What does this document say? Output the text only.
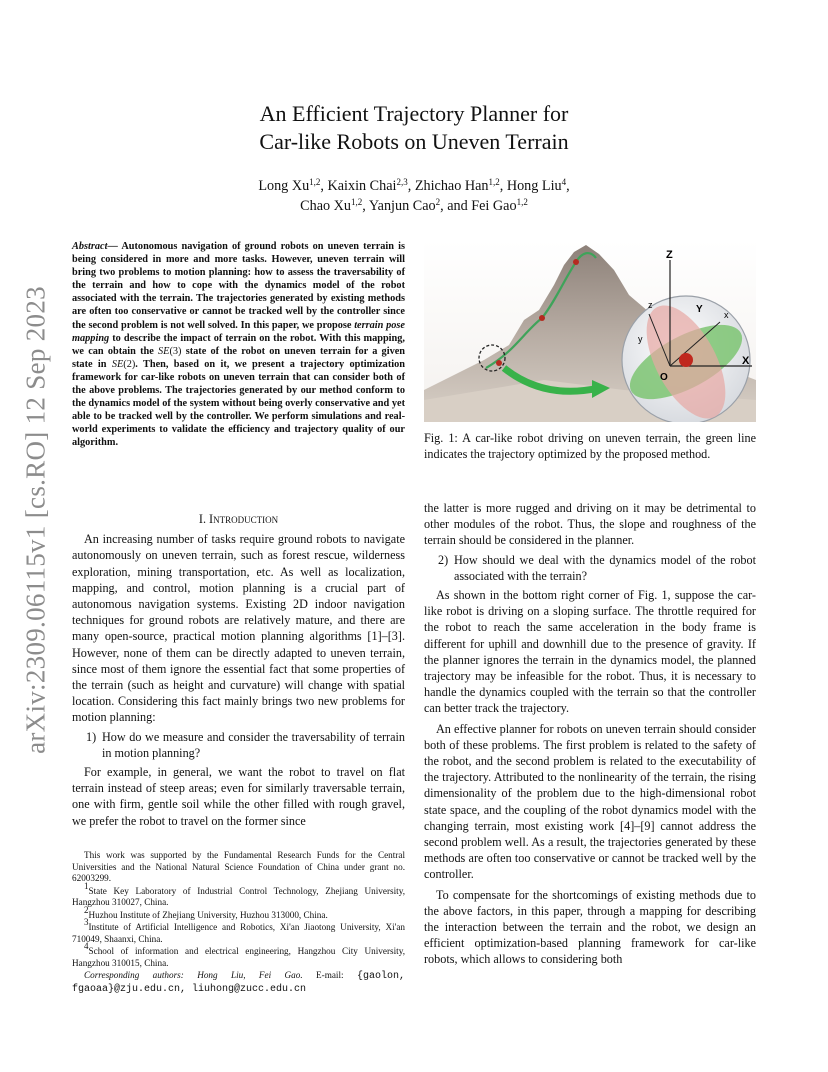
arXiv:2309.06115v1 [cs.RO] 12 Sep 2023
An Efficient Trajectory Planner for
Car-like Robots on Uneven Terrain
Long Xu$^{1,2}$, Kaixin Chai$^{2,3}$, Zhichao Han$^{1,2}$, Hong Liu$^4$,
Chao Xu$^{1,2}$, Yanjun Cao$^2$, and Fei Gao$^{1,2}$
Abstract— Autonomous navigation of ground robots on uneven terrain is being considered in more and more tasks. However, uneven terrain will bring two problems to motion planning: how to assess the traversability of the terrain and how to cope with the dynamics model of the robot associated with the terrain. The trajectories generated by existing methods are often too conservative or cannot be tracked well by the controller since the second problem is not well solved. In this paper, we propose terrain pose mapping to describe the impact of terrain on the robot. With this mapping, we can obtain the SE(3) state of the robot on uneven terrain for a given state in SE(2). Then, based on it, we present a trajectory optimization framework for car-like robots on uneven terrain that can consider both of the above problems. The trajectories generated by our method conform to the dynamics model of the system without being overly conservative and yet able to be tracked well by the controller. We perform simulations and real-world experiments to validate the efficiency and trajectory quality of our algorithm.
I. Introduction

An increasing number of tasks require ground robots to navigate autonomously on uneven terrain, such as forest rescue, wilderness exploration, mining transportation, etc. As well as localization, mapping, and control, motion planning is a crucial part of autonomous navigation systems. Existing 2D indoor navigation techniques for ground robots are relatively mature, and there are many open-source, practical motion planning algorithms [1]–[3]. However, none of them can be directly adapted to uneven terrain, since most of them ignore the essential fact that some properties of the terrain (such as height and curvature) will change with spatial location. Considering this fact mainly brings two new problems for motion planning:

1) How do we measure and consider the traversability of terrain in motion planning?

For example, in general, we want the robot to travel on flat terrain instead of steep areas; even for similarly traversable terrain, one with firm, gentle soil while the other filled with rough gravel, we prefer the robot to travel on the former since

This work was supported by the Fundamental Research Funds for the Central Universities and the National Natural Science Foundation of China under grant no. 62003299.

$^1$State Key Laboratory of Industrial Control Technology, Zhejiang University, Hangzhou 310027, China.

$^2$Huzhou Institute of Zhejiang University, Huzhou 313000, China.

$^3$Institute of Artificial Intelligence and Robotics, Xi'an Jiaotong University, Xi'an 710049, Shaanxi, China.

$^4$School of information and electrical engineering, Hangzhou City University, Hangzhou 310015, China.

Corresponding authors: Hong Liu, Fei Gao. E-mail: {gaolon, fgaoaa}@zju.edu.cn, liuhong@zucc.edu.cn

Z
X
z
y
x
Y
O
Fig. 1: A car-like robot driving on uneven terrain, the green line indicates the trajectory optimized by the proposed method.

the latter is more rugged and driving on it may be detrimental to other modules of the robot. Thus, the slope and roughness of the terrain should be considered in the planner.

2) How should we deal with the dynamics model of the robot associated with the terrain?

As shown in the bottom right corner of Fig. 1, suppose the car-like robot is driving on a sloping surface. The throttle required for the robot to reach the same acceleration in the body frame is different for uphill and downhill due to the presence of gravity. If the planner ignores the terrain in the dynamics model, the planned trajectory may be infeasible for the robot. Thus, it is necessary to handle the dynamics coupled with the terrain so that the controller can better track the trajectory.

An effective planner for robots on uneven terrain should consider both of these problems. The first problem is related to the safety of the robot, and the second problem is related to the executability of the trajectory. Attributed to the nonlinearity of the terrain, the rising dimensionality of the problem due to the high-dimensional robot state space, and the coupling of the robot dynamics model with the changing terrain, most existing work [4]–[9] cannot address the second problem well. As a result, the trajectories generated by these methods are often too conservative or cannot be tracked well by the controller.

To compensate for the shortcomings of existing methods due to the above factors, in this paper, through a mapping for describing the interaction between the terrain and the robot, we design an efficient optimization-based planning framework for car-like robots, which allows to considering both
